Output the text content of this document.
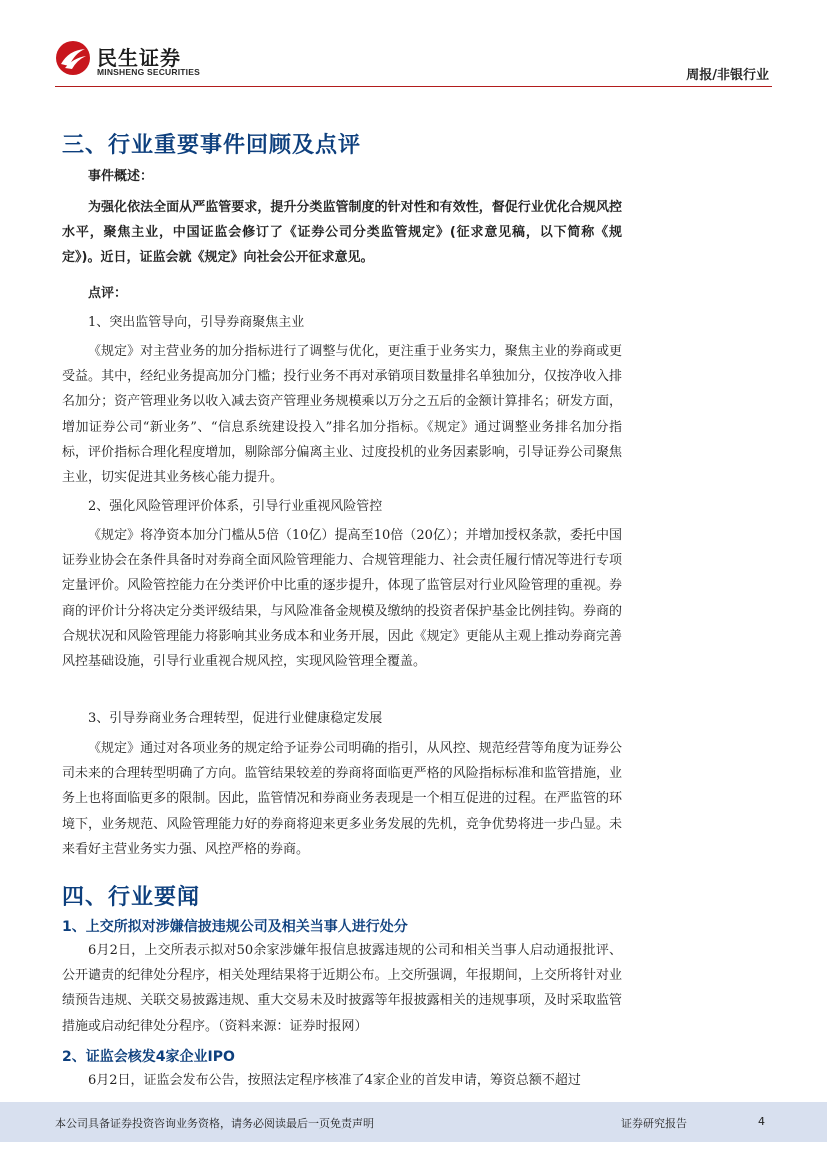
民生证券
MINSHENG SECURITIES	周报/非银行业
三、行业重要事件回顾及点评

事件概述：

为强化依法全面从严监管要求，提升分类监管制度的针对性和有效性，督促行业优化合规风控水平，聚焦主业，中国证监会修订了《证券公司分类监管规定》(征求意见稿，以下简称《规定》)。近日，证监会就《规定》向社会公开征求意见。

点评：

1、突出监管导向，引导券商聚焦主业

《规定》对主营业务的加分指标进行了调整与优化，更注重于业务实力，聚焦主业的券商或更受益。其中，经纪业务提高加分门槛；投行业务不再对承销项目数量排名单独加分，仅按净收入排名加分；资产管理业务以收入减去资产管理业务规模乘以万分之五后的金额计算排名；研发方面，增加证券公司“新业务”、“信息系统建设投入”排名加分指标。《规定》通过调整业务排名加分指标，评价指标合理化程度增加，剔除部分偏离主业、过度投机的业务因素影响，引导证券公司聚焦主业，切实促进其业务核心能力提升。

2、强化风险管理评价体系，引导行业重视风险管控

《规定》将净资本加分门槛从5倍（10亿）提高至10倍（20亿）；并增加授权条款，委托中国证券业协会在条件具备时对券商全面风险管理能力、合规管理能力、社会责任履行情况等进行专项定量评价。风险管控能力在分类评价中比重的逐步提升，体现了监管层对行业风险管理的重视。券商的评价计分将决定分类评级结果，与风险准备金规模及缴纳的投资者保护基金比例挂钩。券商的合规状况和风险管理能力将影响其业务成本和业务开展，因此《规定》更能从主观上推动券商完善风控基础设施，引导行业重视合规风控，实现风险管理全覆盖。

3、引导券商业务合理转型，促进行业健康稳定发展

《规定》通过对各项业务的规定给予证券公司明确的指引，从风控、规范经营等角度为证券公司未来的合理转型明确了方向。监管结果较差的券商将面临更严格的风险指标标准和监管措施，业务上也将面临更多的限制。因此，监管情况和券商业务表现是一个相互促进的过程。在严监管的环境下，业务规范、风险管理能力好的券商将迎来更多业务发展的先机，竞争优势将进一步凸显。未来看好主营业务实力强、风控严格的券商。

四、行业要闻
1、上交所拟对涉嫌信披违规公司及相关当事人进行处分

6月2日，上交所表示拟对50余家涉嫌年报信息披露违规的公司和相关当事人启动通报批评、公开谴责的纪律处分程序，相关处理结果将于近期公布。上交所强调，年报期间，上交所将针对业绩预告违规、关联交易披露违规、重大交易未及时披露等年报披露相关的违规事项，及时采取监管措施或启动纪律处分程序。（资料来源：证券时报网）

2、证监会核发4家企业IPO

6月2日，证监会发布公告，按照法定程序核准了4家企业的首发申请，筹资总额不超过

本公司具备证券投资咨询业务资格，请务必阅读最后一页免责声明	证券研究报告	4
